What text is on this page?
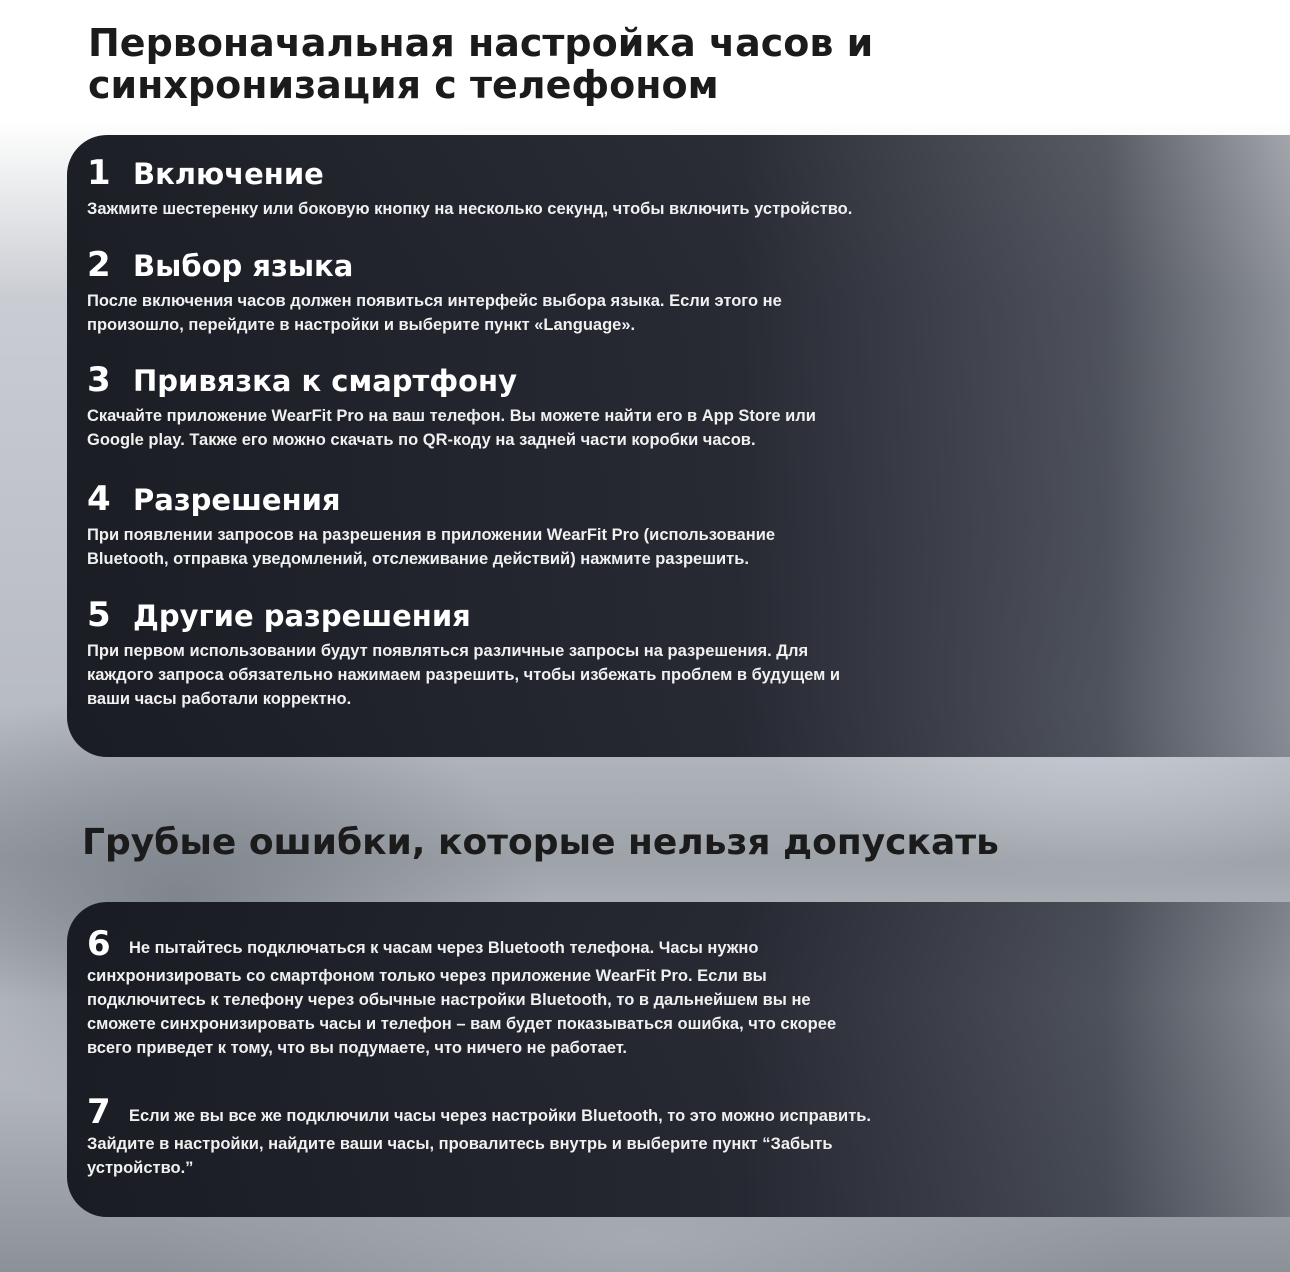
Первоначальная настройка часов и
синхронизация с телефоном
1 Включение
Зажмите шестеренку или боковую кнопку на несколько секунд, чтобы включить устройство.
2 Выбор языка
После включения часов должен появиться интерфейс выбора языка. Если этого не
произошло, перейдите в настройки и выберите пункт «Language».
3 Привязка к смартфону
Скачайте приложение WearFit Pro на ваш телефон. Вы можете найти его в App Store или
Google play. Также его можно скачать по QR-коду на задней части коробки часов.
4 Разрешения
При появлении запросов на разрешения в приложении WearFit Pro (использование
Bluetooth, отправка уведомлений, отслеживание действий) нажмите разрешить.
5 Другие разрешения
При первом использовании будут появляться различные запросы на разрешения. Для
каждого запроса обязательно нажимаем разрешить, чтобы избежать проблем в будущем и
ваши часы работали корректно.
Грубые ошибки, которые нельзя допускать
6 Не пытайтесь подключаться к часам через Bluetooth телефона. Часы нужно
синхронизировать со смартфоном только через приложение WearFit Pro. Если вы
подключитесь к телефону через обычные настройки Bluetooth, то в дальнейшем вы не
сможете синхронизировать часы и телефон – вам будет показываться ошибка, что скорее
всего приведет к тому, что вы подумаете, что ничего не работает.
7 Если же вы все же подключили часы через настройки Bluetooth, то это можно исправить.
Зайдите в настройки, найдите ваши часы, провалитесь внутрь и выберите пункт “Забыть
устройство.”
